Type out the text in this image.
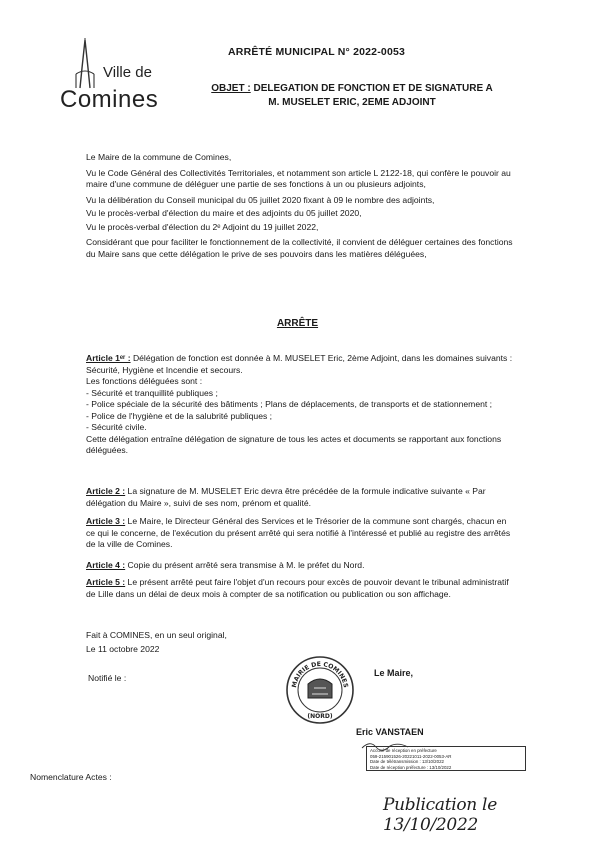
Ville de
Comines
ARRÊTÉ MUNICIPAL N° 2022-0053
OBJET : DELEGATION DE FONCTION ET DE SIGNATURE A
M. MUSELET ERIC, 2EME ADJOINT
Le Maire de la commune de Comines,
Vu le Code Général des Collectivités Territoriales, et notamment son article L 2122-18, qui confère le pouvoir au maire d'une commune de déléguer une partie de ses fonctions à un ou plusieurs adjoints,
Vu la délibération du Conseil municipal du 05 juillet 2020 fixant à 09 le nombre des adjoints,
Vu le procès-verbal d'élection du maire et des adjoints du 05 juillet 2020,
Vu le procès-verbal d'élection du 2ᵉ Adjoint du 19 juillet 2022,
Considérant que pour faciliter le fonctionnement de la collectivité, il convient de déléguer certaines des fonctions du Maire sans que cette délégation le prive de ses pouvoirs dans les matières déléguées,
ARRÊTE
Article 1ᵉʳ : Délégation de fonction est donnée à M. MUSELET Eric, 2ème Adjoint, dans les domaines suivants : Sécurité, Hygiène et Incendie et secours.
Les fonctions déléguées sont :
- Sécurité et tranquillité publiques ;
- Police spéciale de la sécurité des bâtiments ; Plans de déplacements, de transports et de stationnement ;
- Police de l'hygiène et de la salubrité publiques ;
- Sécurité civile.
Cette délégation entraîne délégation de signature de tous les actes et documents se rapportant aux fonctions déléguées.
Article 2 : La signature de M. MUSELET Eric devra être précédée de la formule indicative suivante « Par délégation du Maire », suivi de ses nom, prénom et qualité.
Article 3 : Le Maire, le Directeur Général des Services et le Trésorier de la commune sont chargés, chacun en ce qui le concerne, de l'exécution du présent arrêté qui sera notifié à l'intéressé et publié au registre des arrêtés de la ville de Comines.
Article 4 : Copie du présent arrêté sera transmise à M. le préfet du Nord.
Article 5 : Le présent arrêté peut faire l'objet d'un recours pour excès de pouvoir devant le tribunal administratif de Lille dans un délai de deux mois à compter de sa notification ou publication ou son affichage.
Fait à COMINES, en un seul original,
Le 11 octobre 2022
Notifié le :	Le Maire,
MAIRIE DE COMINES
(NORD)
Eric VANSTAEN
Accusé de réception en préfecture
059-215901526-20221011-2022-0053-AR
Date de télétransmission : 13/10/2022
Date de réception préfecture : 13/10/2022
Nomenclature Actes :
Publication le 13/10/2022
